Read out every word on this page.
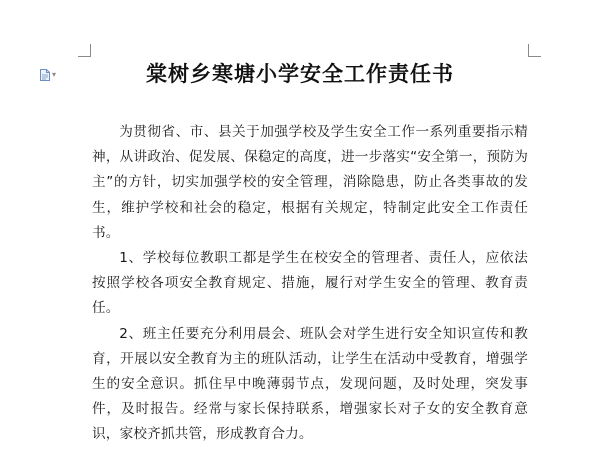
▾	棠树乡寒塘小学安全工作责任书

为贯彻省、市、县关于加强学校及学生安全工作一系列重要指示精神，从讲政治、促发展、保稳定的高度，进一步落实“安全第一，预防为主”的方针，切实加强学校的安全管理，消除隐患，防止各类事故的发生，维护学校和社会的稳定，根据有关规定，特制定此安全工作责任书。

1、学校每位教职工都是学生在校安全的管理者、责任人，应依法按照学校各项安全教育规定、措施，履行对学生安全的管理、教育责任。

2、班主任要充分利用晨会、班队会对学生进行安全知识宣传和教育，开展以安全教育为主的班队活动，让学生在活动中受教育，增强学生的安全意识。抓住早中晚薄弱节点，发现问题，及时处理，突发事件，及时报告。经常与家长保持联系，增强家长对子女的安全教育意识，家校齐抓共管，形成教育合力。
